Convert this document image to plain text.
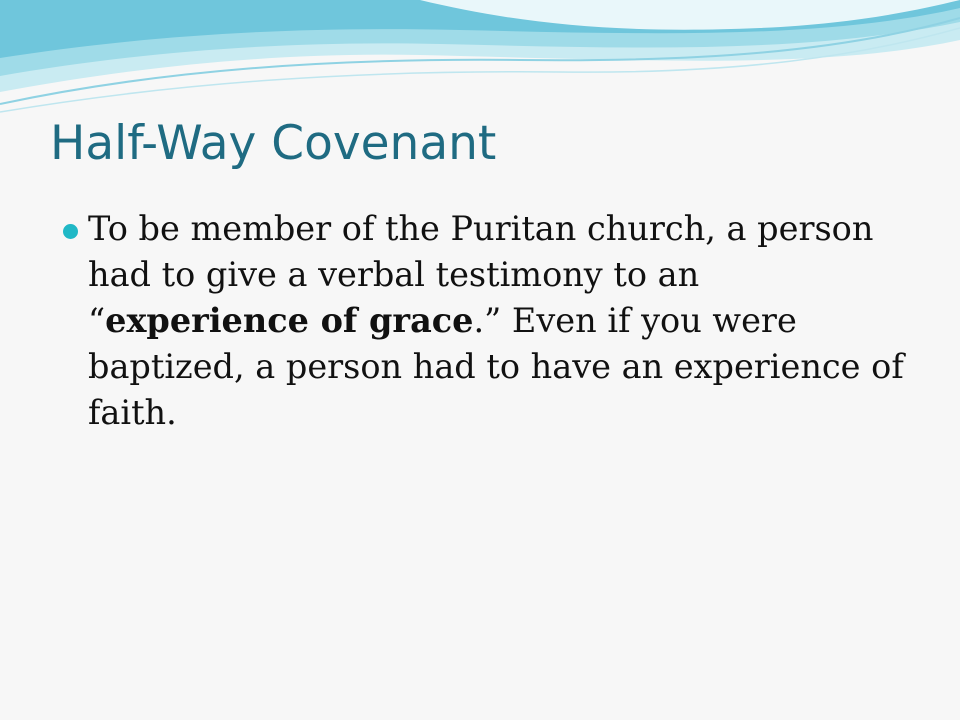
Half-Way Covenant
To be member of the Puritan church, a person had to give a verbal testimony to an “experience of grace.” Even if you were baptized, a person had to have an experience of faith.
